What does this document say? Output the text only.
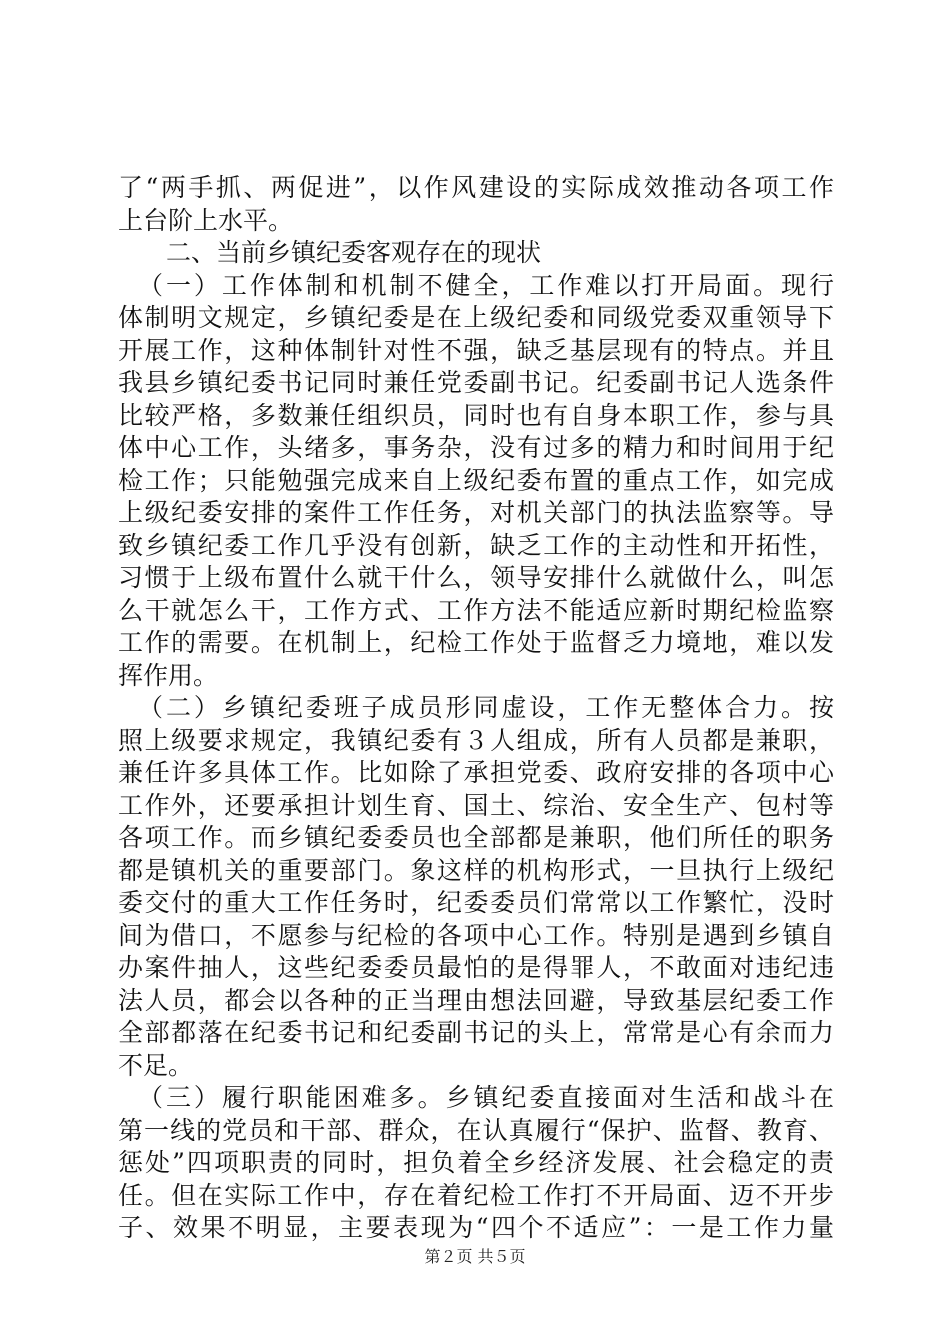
了“两手抓、两促进”，以作风建设的实际成效推动各项工作
上台阶上水平。
二、当前乡镇纪委客观存在的现状
（一）工作体制和机制不健全，工作难以打开局面。现行
体制明文规定，乡镇纪委是在上级纪委和同级党委双重领导下
开展工作，这种体制针对性不强，缺乏基层现有的特点。并且
我县乡镇纪委书记同时兼任党委副书记。纪委副书记人选条件
比较严格，多数兼任组织员，同时也有自身本职工作，参与具
体中心工作，头绪多，事务杂，没有过多的精力和时间用于纪
检工作；只能勉强完成来自上级纪委布置的重点工作，如完成
上级纪委安排的案件工作任务，对机关部门的执法监察等。导
致乡镇纪委工作几乎没有创新，缺乏工作的主动性和开拓性，
习惯于上级布置什么就干什么，领导安排什么就做什么，叫怎
么干就怎么干，工作方式、工作方法不能适应新时期纪检监察
工作的需要。在机制上，纪检工作处于监督乏力境地，难以发
挥作用。
（二）乡镇纪委班子成员形同虚设，工作无整体合力。按
照上级要求规定，我镇纪委有３人组成，所有人员都是兼职，
兼任许多具体工作。比如除了承担党委、政府安排的各项中心
工作外，还要承担计划生育、国土、综治、安全生产、包村等
各项工作。而乡镇纪委委员也全部都是兼职，他们所任的职务
都是镇机关的重要部门。象这样的机构形式，一旦执行上级纪
委交付的重大工作任务时，纪委委员们常常以工作繁忙，没时
间为借口，不愿参与纪检的各项中心工作。特别是遇到乡镇自
办案件抽人，这些纪委委员最怕的是得罪人，不敢面对违纪违
法人员，都会以各种的正当理由想法回避，导致基层纪委工作
全部都落在纪委书记和纪委副书记的头上，常常是心有余而力
不足。
（三）履行职能困难多。乡镇纪委直接面对生活和战斗在
第一线的党员和干部、群众，在认真履行“保护、监督、教育、
惩处”四项职责的同时，担负着全乡经济发展、社会稳定的责
任。但在实际工作中，存在着纪检工作打不开局面、迈不开步
子、效果不明显，主要表现为“四个不适应”：一是工作力量
第２页 共５页
